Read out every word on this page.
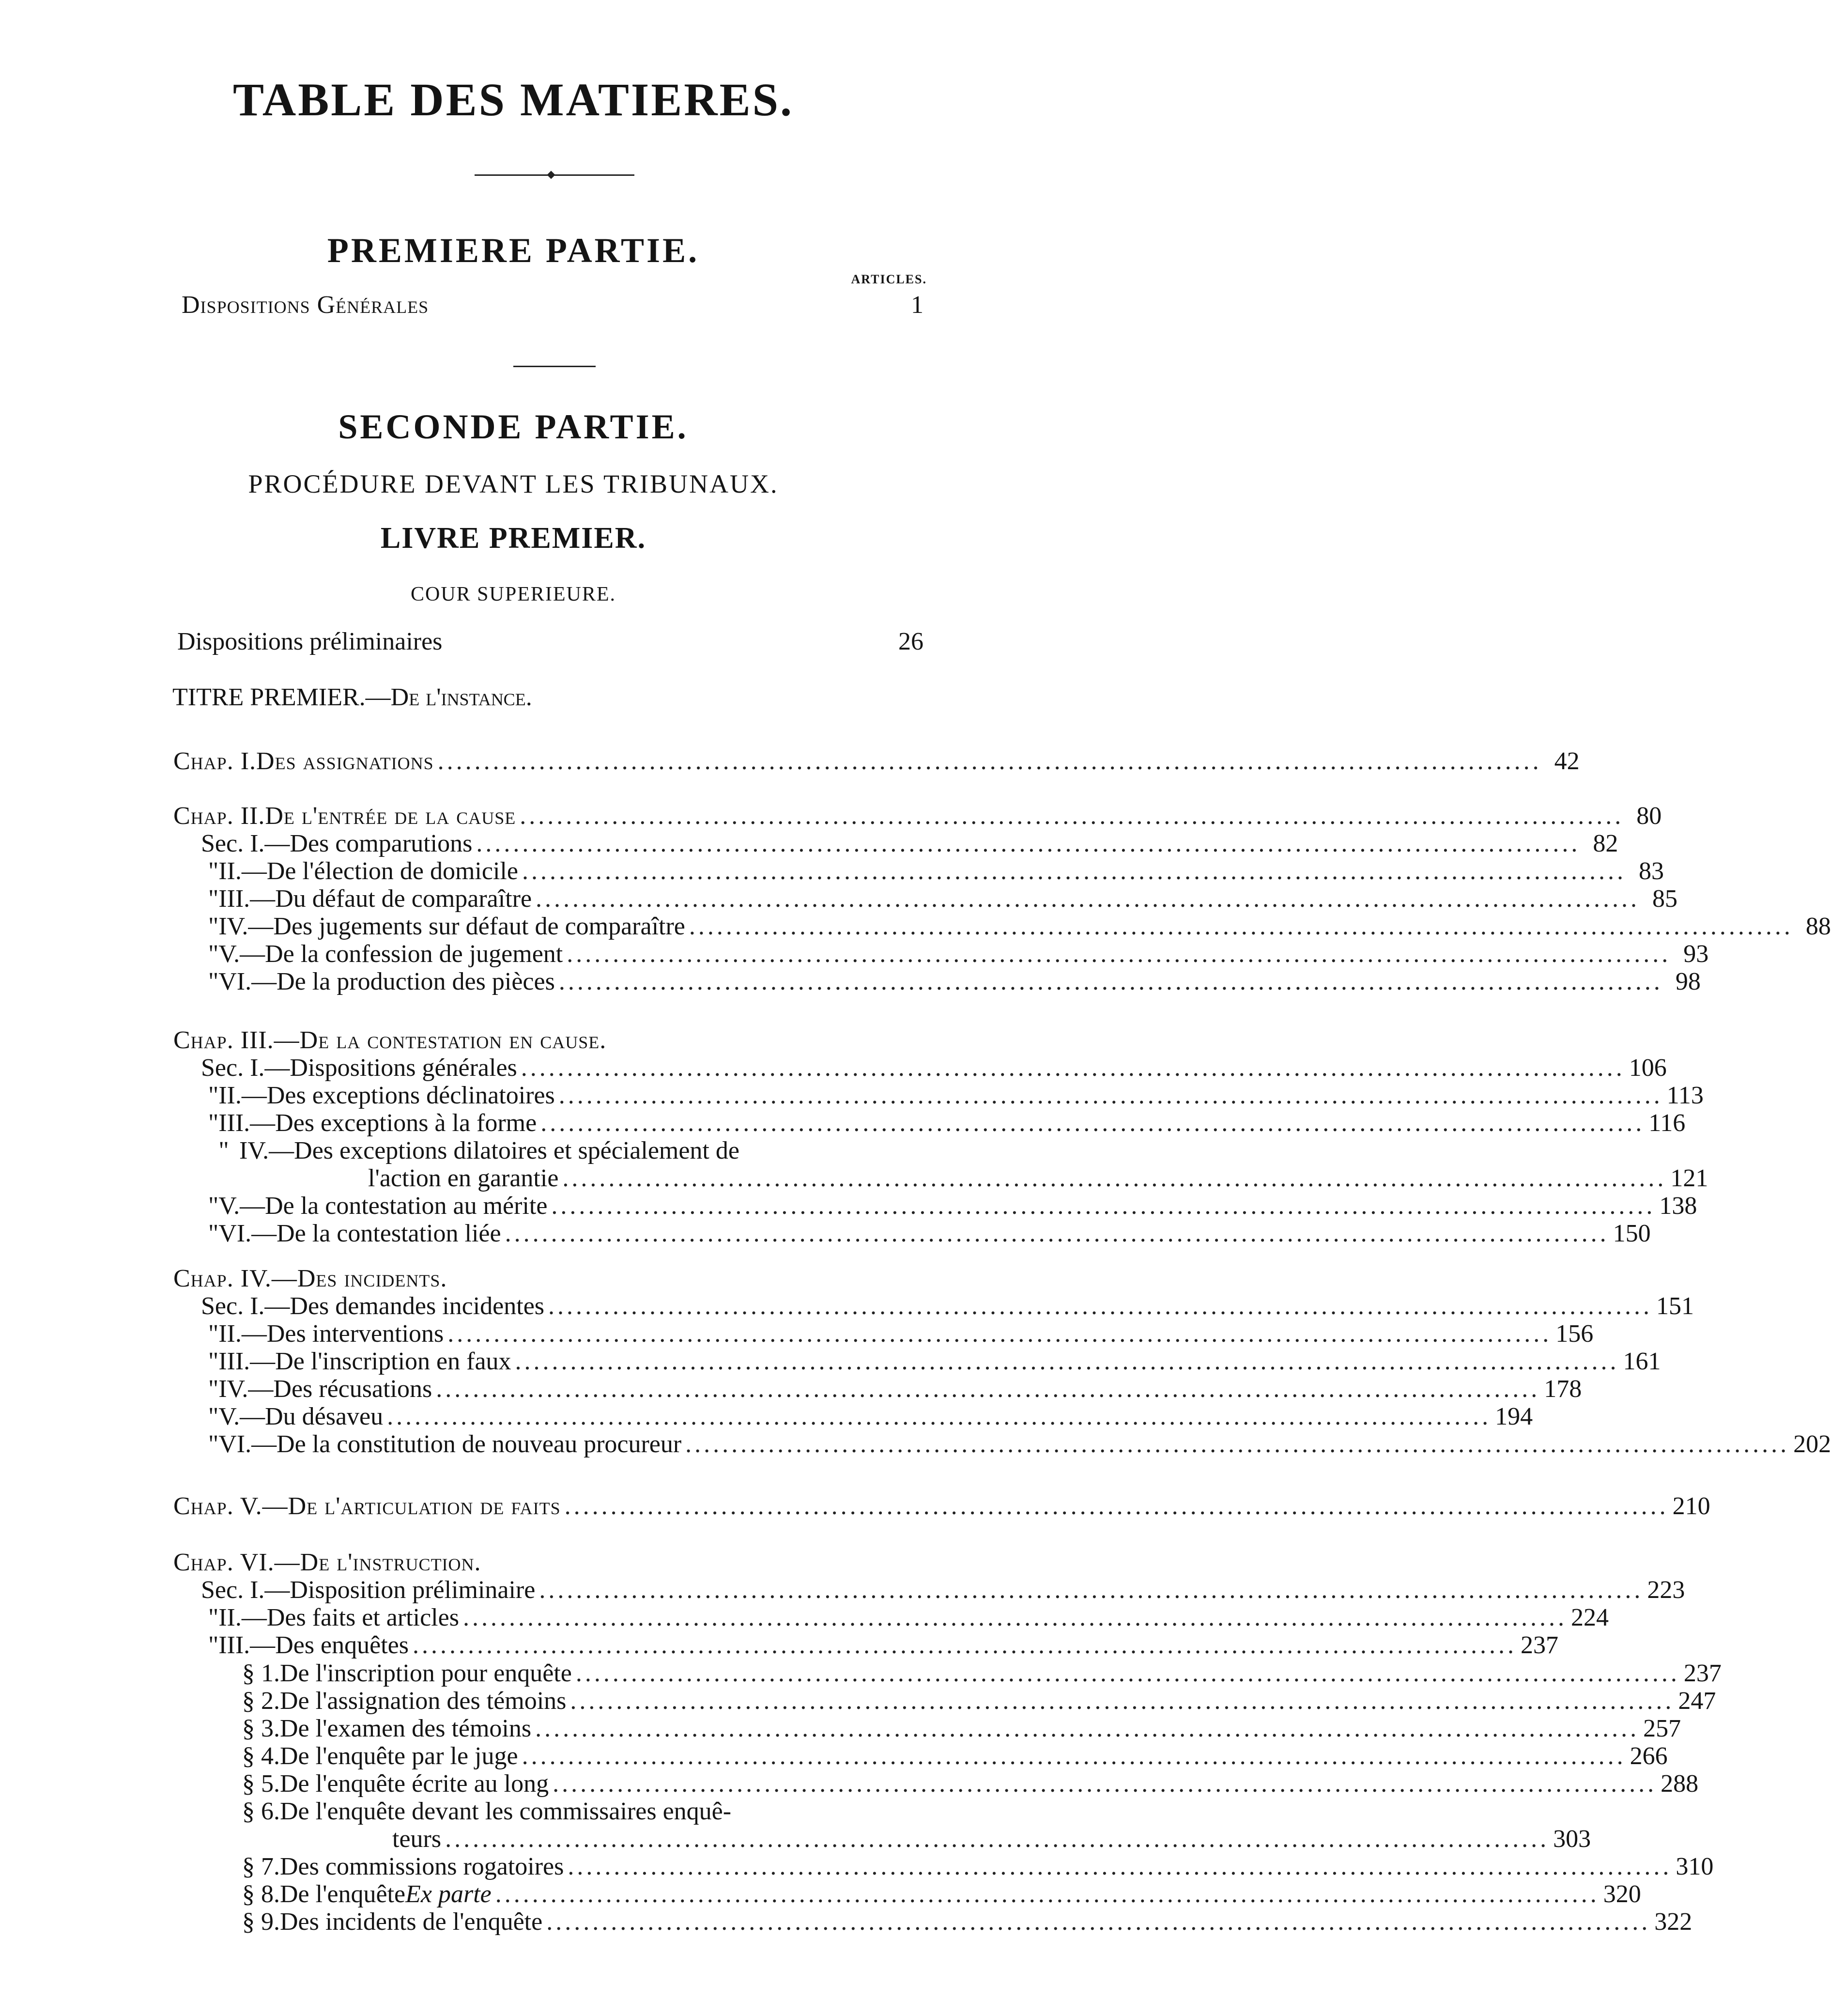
TABLE DES MATIERES.
PREMIERE PARTIE.
ARTICLES.
Dispositions Générales	1
SECONDE PARTIE.
PROCÉDURE DEVANT LES TRIBUNAUX.
LIVRE PREMIER.
COUR SUPERIEURE.
Dispositions préliminaires	26
TITRE PREMIER.—De l'instance.
Chap. I. Des assignations ........................................................................................................................ 42
Chap. II. De l'entrée de la cause ........................................................................................................................ 80
Sec. I.— Des comparutions ........................................................................................................................ 82
" II.— De l'élection de domicile ........................................................................................................................ 83
" III.— Du défaut de comparaître ........................................................................................................................ 85
" IV.— Des jugements sur défaut de comparaître ........................................................................................................................ 88
" V.— De la confession de jugement ........................................................................................................................ 93
" VI.— De la production des pièces ........................................................................................................................ 98
Chap. III.— De la contestation en cause.
Sec. I.— Dispositions générales ........................................................................................................................ 106
" II.— Des exceptions déclinatoires ........................................................................................................................ 113
" III.— Des exceptions à la forme ........................................................................................................................ 116
" IV.— Des exceptions dilatoires et spécialement de
l'action en garantie ........................................................................................................................ 121
" V.— De la contestation au mérite ........................................................................................................................ 138
" VI.— De la contestation liée ........................................................................................................................ 150
Chap. IV.— Des incidents.
Sec. I.— Des demandes incidentes ........................................................................................................................ 151
" II.— Des interventions ........................................................................................................................ 156
" III.— De l'inscription en faux ........................................................................................................................ 161
" IV.— Des récusations ........................................................................................................................ 178
" V.— Du désaveu ........................................................................................................................ 194
" VI.— De la constitution de nouveau procureur ........................................................................................................................ 202
Chap. V.— De l'articulation de faits ........................................................................................................................ 210
Chap. VI.— De l'instruction.
Sec. I.— Disposition préliminaire ........................................................................................................................ 223
" II.— Des faits et articles ........................................................................................................................ 224
" III.— Des enquêtes ........................................................................................................................ 237
§ 1. De l'inscription pour enquête ........................................................................................................................ 237
§ 2. De l'assignation des témoins ........................................................................................................................ 247
§ 3. De l'examen des témoins ........................................................................................................................ 257
§ 4. De l'enquête par le juge ........................................................................................................................ 266
§ 5. De l'enquête écrite au long ........................................................................................................................ 288
§ 6. De l'enquête devant les commissaires enquê-
teurs ........................................................................................................................ 303
§ 7. Des commissions rogatoires ........................................................................................................................ 310
§ 8. De l'enquête Ex parte ........................................................................................................................ 320
§ 9. Des incidents de l'enquête ........................................................................................................................ 322
